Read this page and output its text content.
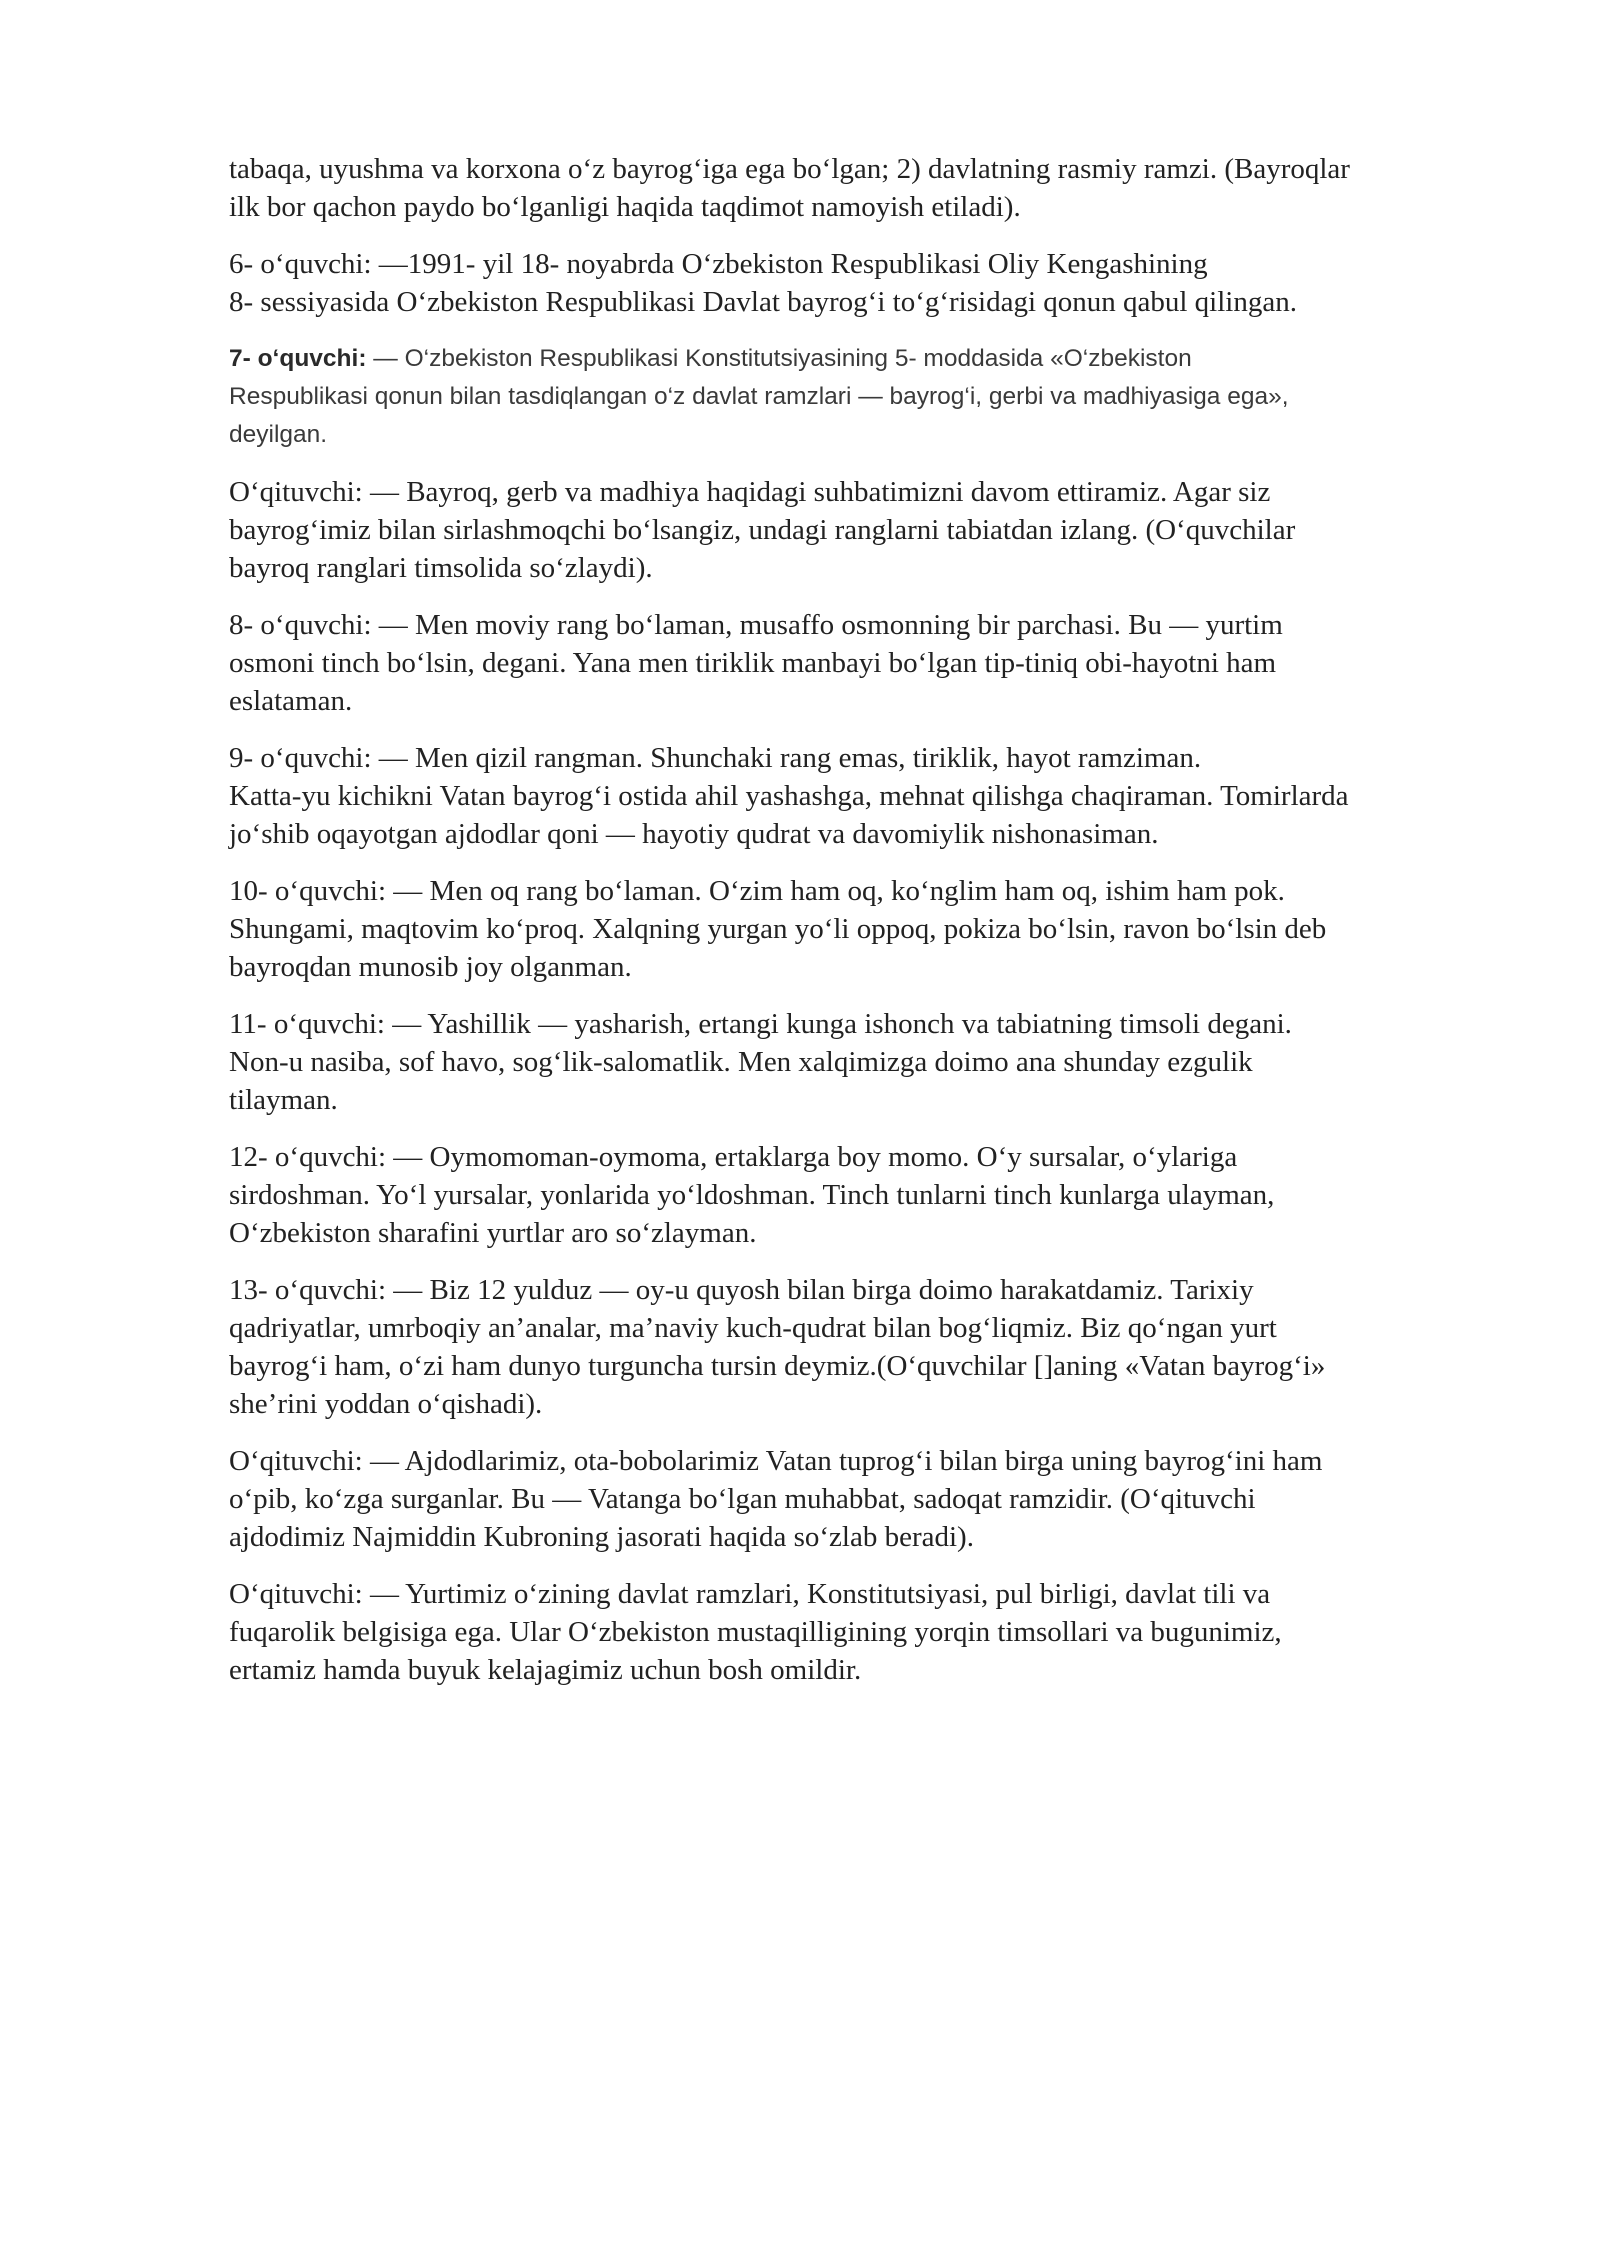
tabaqa, uyushma va korxona o‘z bayrog‘iga ega bo‘lgan; 2) davlatning rasmiy ramzi. (Bayroqlar
ilk bor qachon paydo bo‘lganligi haqida taqdimot namoyish etiladi).

6- o‘quvchi: —1991- yil 18- noyabrda O‘zbekiston Respublikasi Oliy Kengashining
8- sessiyasida O‘zbekiston Respublikasi Davlat bayrog‘i to‘g‘risidagi qonun qabul qilingan.

7- o‘quvchi: — O‘zbekiston Respublikasi Konstitutsiyasining 5- moddasida «O‘zbekiston
Respublikasi qonun bilan tasdiqlangan o‘z davlat ramzlari — bayrog‘i, gerbi va madhiyasiga ega»,
deyilgan.

O‘qituvchi: — Bayroq, gerb va madhiya haqidagi suhbatimizni davom ettiramiz. Agar siz
bayrog‘imiz bilan sirlashmoqchi bo‘lsangiz, undagi ranglarni tabiatdan izlang. (O‘quvchilar
bayroq ranglari timsolida so‘zlaydi).

8- o‘quvchi: — Men moviy rang bo‘laman, musaffo osmonning bir parchasi. Bu — yurtim
osmoni tinch bo‘lsin, degani. Yana men tiriklik manbayi bo‘lgan tip-tiniq obi-hayotni ham
eslataman.

9- o‘quvchi: — Men qizil rangman. Shunchaki rang emas, tiriklik, hayot ramziman.
Katta-yu kichikni Vatan bayrog‘i ostida ahil yashashga, mehnat qilishga chaqiraman. Tomirlarda
jo‘shib oqayotgan ajdodlar qoni — hayotiy qudrat va davomiylik nishonasiman.

10- o‘quvchi: — Men oq rang bo‘laman. O‘zim ham oq, ko‘nglim ham oq, ishim ham pok.
Shungami, maqtovim ko‘proq. Xalqning yurgan yo‘li oppoq, pokiza bo‘lsin, ravon bo‘lsin deb
bayroqdan munosib joy olganman.

11- o‘quvchi: — Yashillik — yasharish, ertangi kunga ishonch va tabiatning timsoli degani.
Non-u nasiba, sof havo, sog‘lik-salomatlik. Men xalqimizga doimo ana shunday ezgulik
tilayman.

12- o‘quvchi: — Oymomoman-oymoma, ertaklarga boy momo. O‘y sursalar, o‘ylariga
sirdoshman. Yo‘l yursalar, yonlarida yo‘ldoshman. Tinch tunlarni tinch kunlarga ulayman,
O‘zbekiston sharafini yurtlar aro so‘zlayman.

13- o‘quvchi: — Biz 12 yulduz — oy-u quyosh bilan birga doimo harakatdamiz. Tarixiy
qadriyatlar, umrboqiy an’analar, ma’naviy kuch-qudrat bilan bog‘liqmiz. Biz qo‘ngan yurt
bayrog‘i ham, o‘zi ham dunyo turguncha tursin deymiz.(O‘quvchilar []aning «Vatan bayrog‘i»
she’rini yoddan o‘qishadi).

O‘qituvchi: — Ajdodlarimiz, ota-bobolarimiz Vatan tuprog‘i bilan birga uning bayrog‘ini ham
o‘pib, ko‘zga surganlar. Bu — Vatanga bo‘lgan muhabbat, sadoqat ramzidir. (O‘qituvchi
ajdodimiz Najmiddin Kubroning jasorati haqida so‘zlab beradi).

O‘qituvchi: — Yurtimiz o‘zining davlat ramzlari, Konstitutsiyasi, pul birligi, davlat tili va
fuqarolik belgisiga ega. Ular O‘zbekiston mustaqilligining yorqin timsollari va bugunimiz,
ertamiz hamda buyuk kelajagimiz uchun bosh omildir.
